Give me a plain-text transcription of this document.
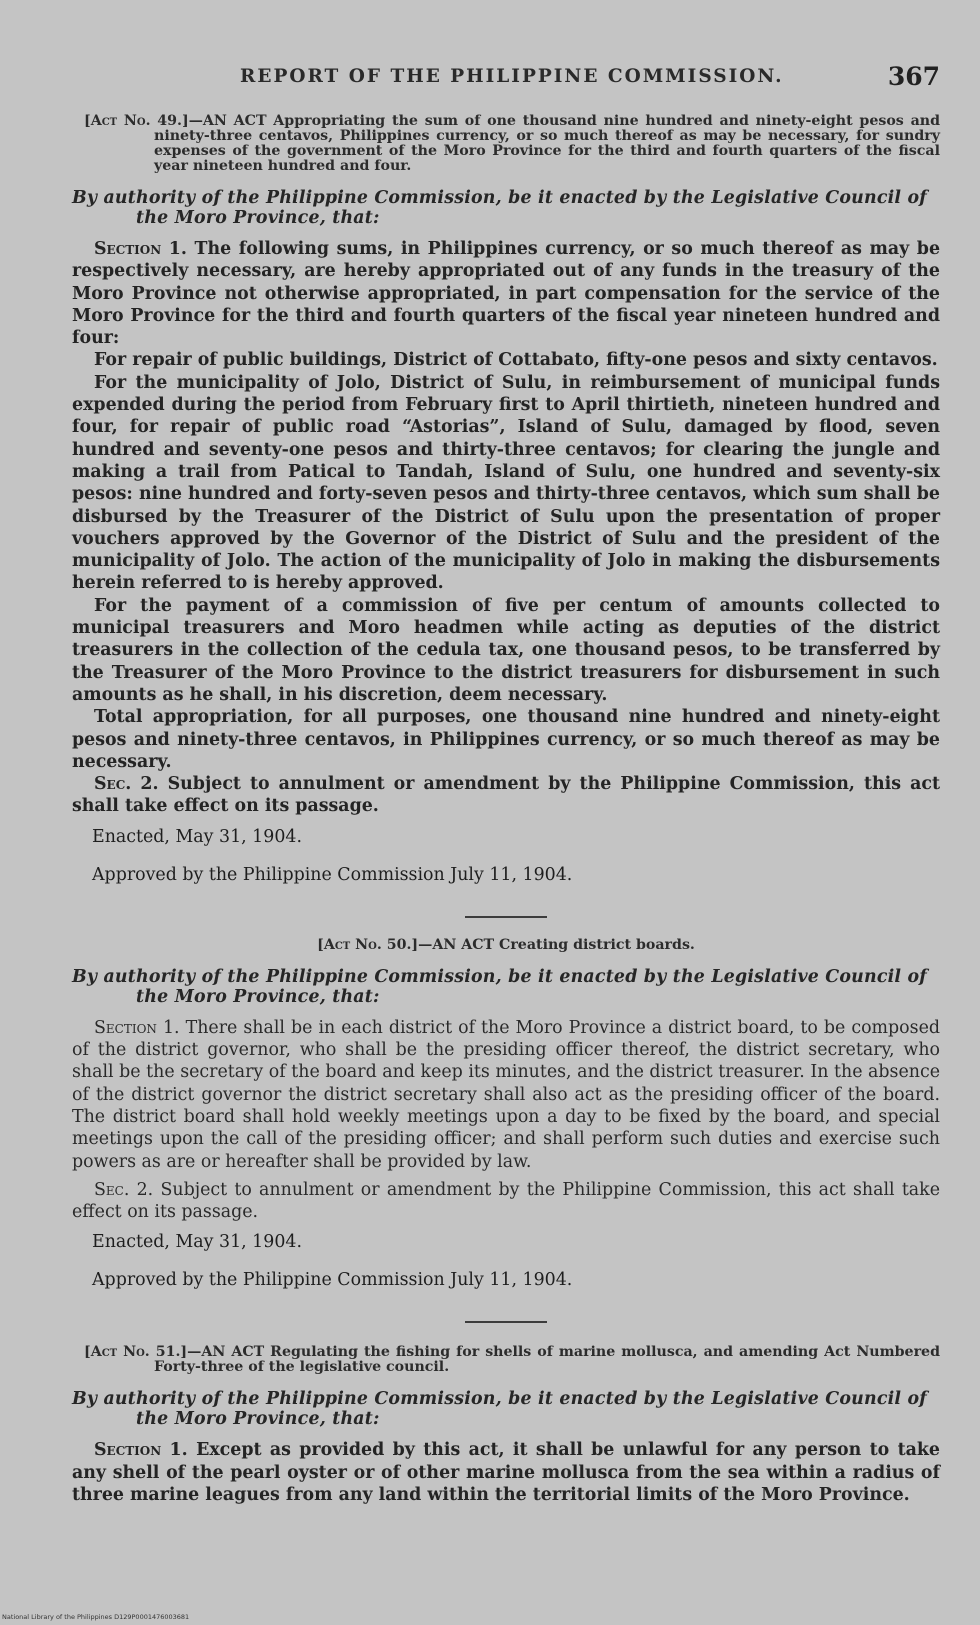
REPORT OF THE PHILIPPINE COMMISSION.	367

[Act No. 49.]—AN ACT Appropriating the sum of one thousand nine hundred and ninety-eight pesos and ninety-three centavos, Philippines currency, or so much thereof as may be necessary, for sundry expenses of the government of the Moro Province for the third and fourth quarters of the fiscal year nineteen hundred and four.

By authority of the Philippine Commission, be it enacted by the Legislative Council of the Moro Province, that:

Section 1. The following sums, in Philippines currency, or so much thereof as may be respectively necessary, are hereby appropriated out of any funds in the treasury of the Moro Province not otherwise appropriated, in part compensation for the service of the Moro Province for the third and fourth quarters of the fiscal year nineteen hundred and four:

For repair of public buildings, District of Cottabato, fifty-one pesos and sixty centavos.

For the municipality of Jolo, District of Sulu, in reimbursement of municipal funds expended during the period from February first to April thirtieth, nineteen hundred and four, for repair of public road “Astorias”, Island of Sulu, damaged by flood, seven hundred and seventy-one pesos and thirty-three centavos; for clearing the jungle and making a trail from Patical to Tandah, Island of Sulu, one hundred and seventy-six pesos: nine hundred and forty-seven pesos and thirty-three centavos, which sum shall be disbursed by the Treasurer of the District of Sulu upon the presentation of proper vouchers approved by the Governor of the District of Sulu and the president of the municipality of Jolo. The action of the municipality of Jolo in making the disbursements herein referred to is hereby approved.

For the payment of a commission of five per centum of amounts collected to municipal treasurers and Moro headmen while acting as deputies of the district treasurers in the collection of the cedula tax, one thousand pesos, to be transferred by the Treasurer of the Moro Province to the district treasurers for disbursement in such amounts as he shall, in his discretion, deem necessary.

Total appropriation, for all purposes, one thousand nine hundred and ninety-eight pesos and ninety-three centavos, in Philippines currency, or so much thereof as may be necessary.

Sec. 2. Subject to annulment or amendment by the Philippine Commission, this act shall take effect on its passage.

Enacted, May 31, 1904.

Approved by the Philippine Commission July 11, 1904.

[Act No. 50.]—AN ACT Creating district boards.

By authority of the Philippine Commission, be it enacted by the Legislative Council of the Moro Province, that:

Section 1. There shall be in each district of the Moro Province a district board, to be composed of the district governor, who shall be the presiding officer thereof, the district secretary, who shall be the secretary of the board and keep its minutes, and the district treasurer. In the absence of the district governor the district secretary shall also act as the presiding officer of the board. The district board shall hold weekly meetings upon a day to be fixed by the board, and special meetings upon the call of the presiding officer; and shall perform such duties and exercise such powers as are or hereafter shall be provided by law.

Sec. 2. Subject to annulment or amendment by the Philippine Commission, this act shall take effect on its passage.

Enacted, May 31, 1904.

Approved by the Philippine Commission July 11, 1904.

[Act No. 51.]—AN ACT Regulating the fishing for shells of marine mollusca, and amending Act Numbered Forty-three of the legislative council.

By authority of the Philippine Commission, be it enacted by the Legislative Council of the Moro Province, that:

Section 1. Except as provided by this act, it shall be unlawful for any person to take any shell of the pearl oyster or of other marine mollusca from the sea within a radius of three marine leagues from any land within the territorial limits of the Moro Province.

National Library of the Philippines D129P0001476003681
